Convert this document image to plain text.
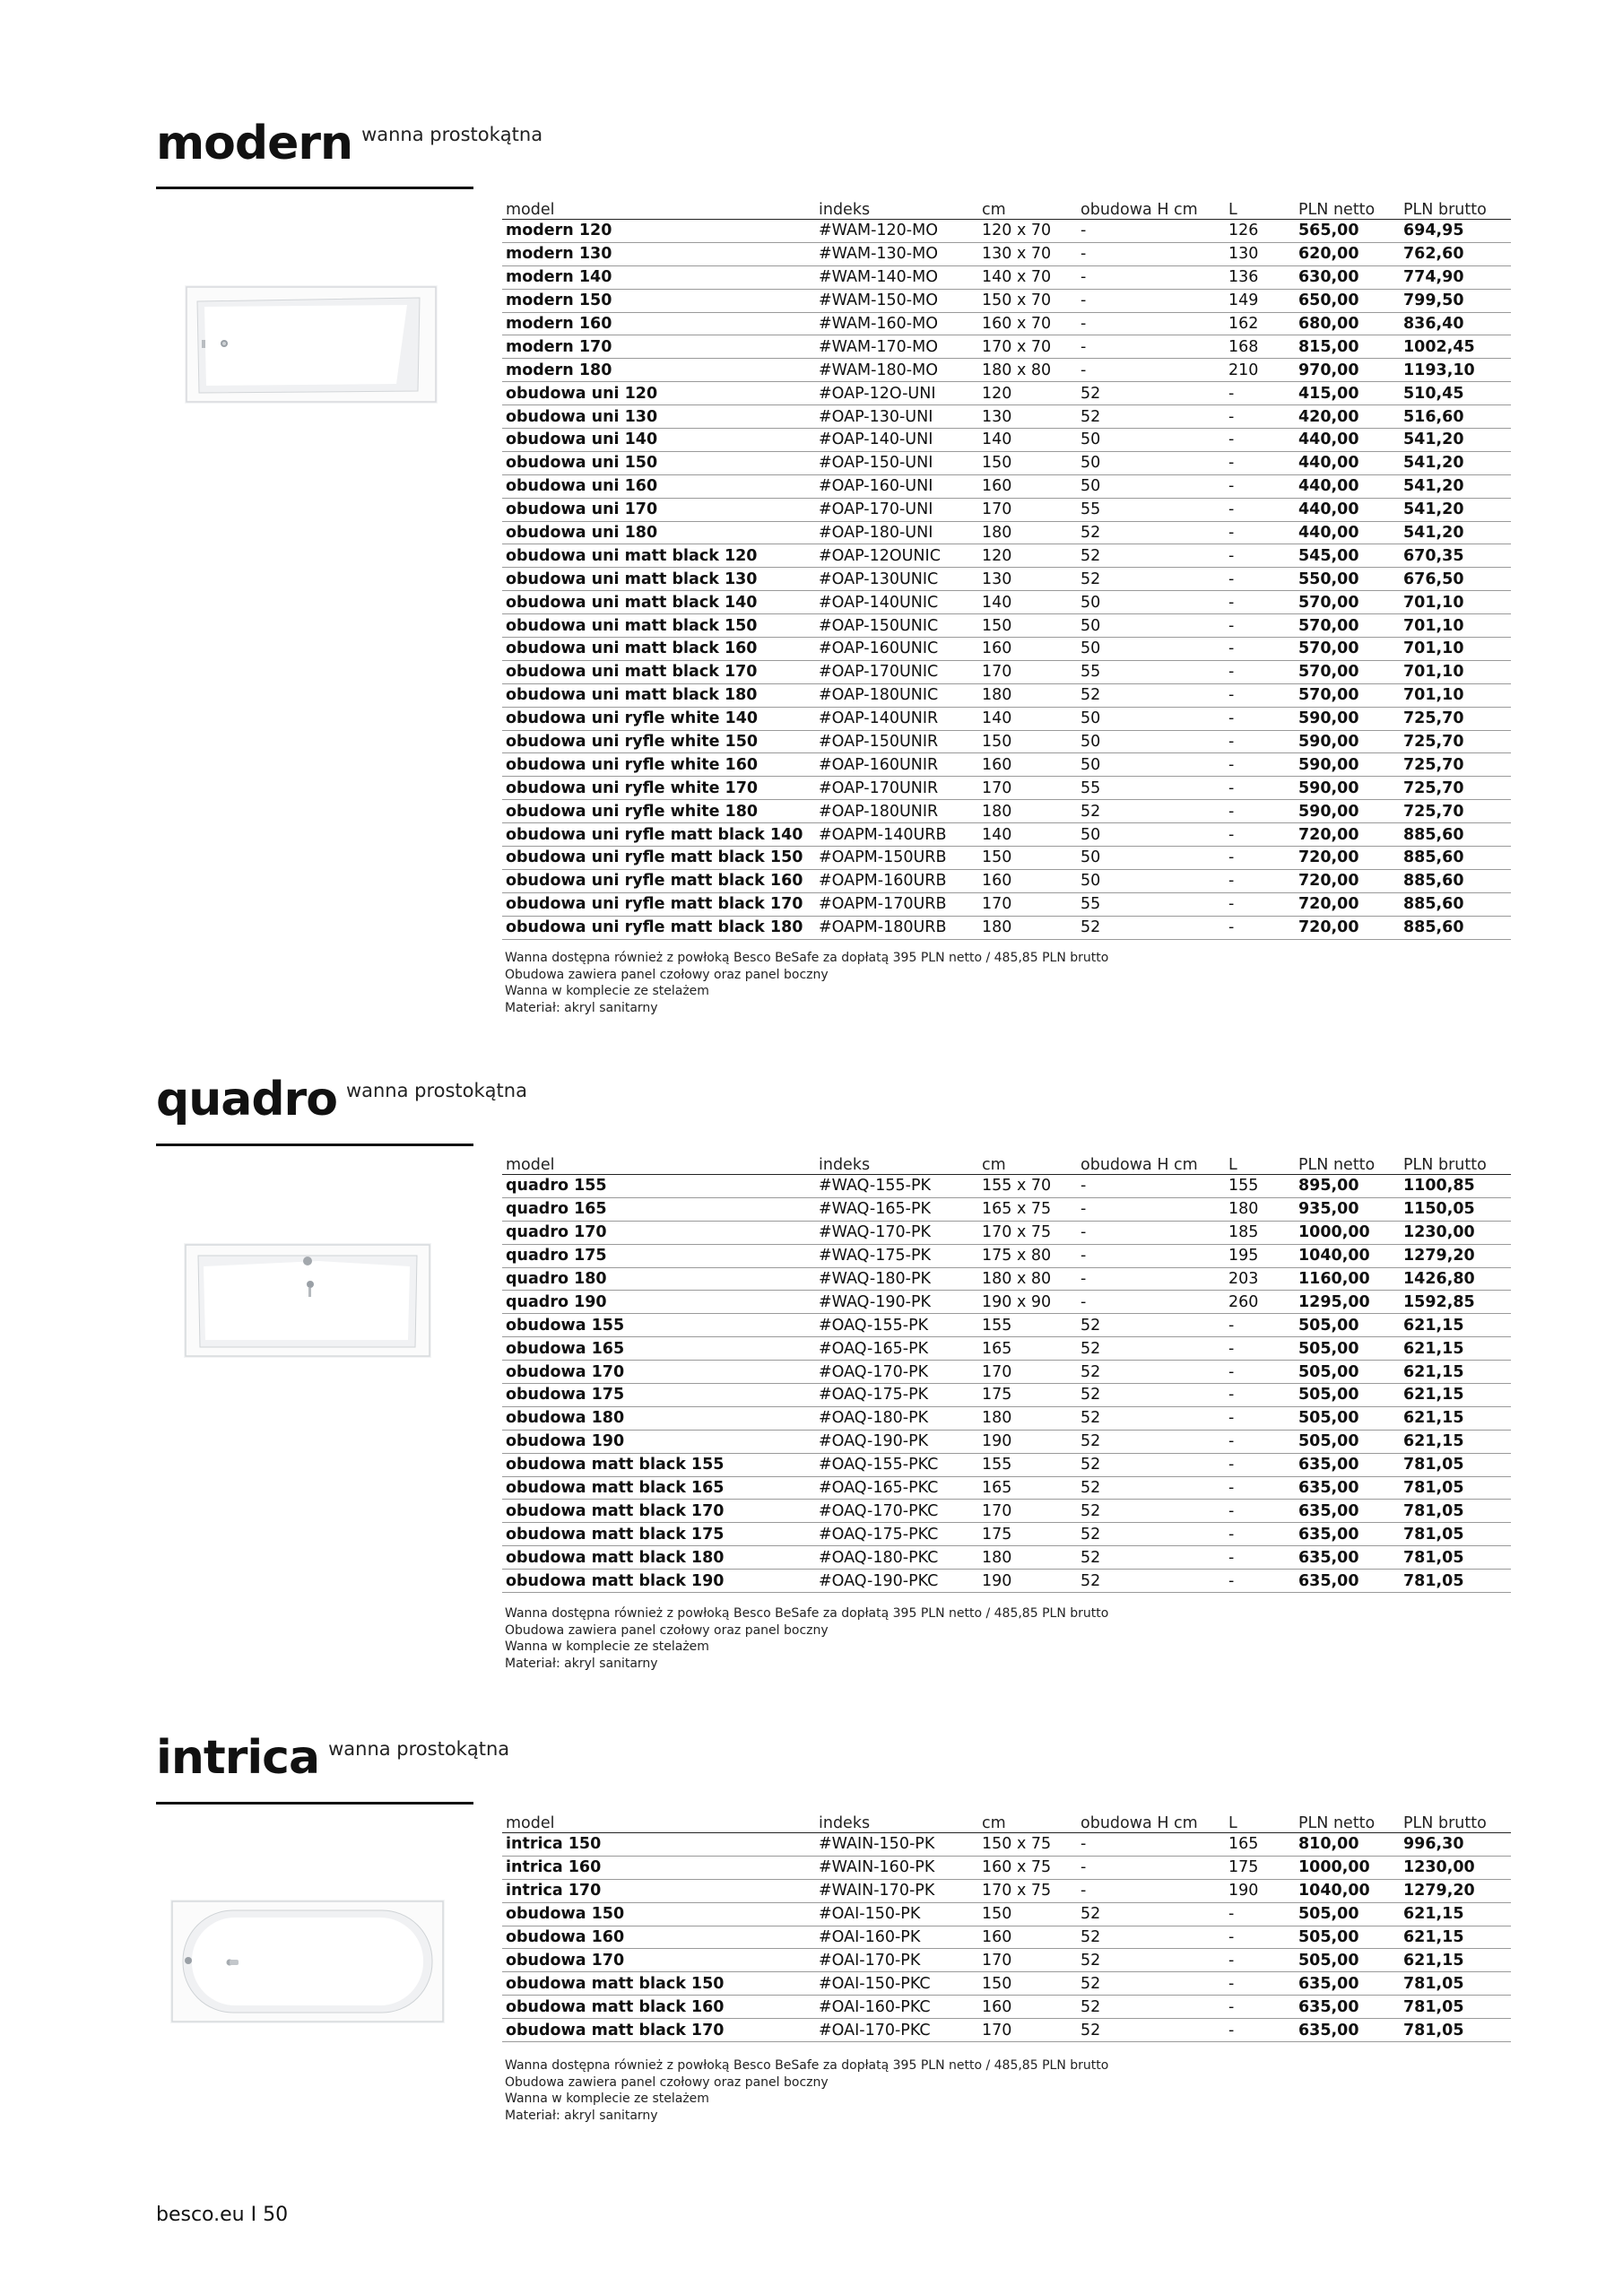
modern wanna prostokątna
model	indeks	cm	obudowa H cm	L	PLN netto	PLN brutto
modern 120	#WAM-120-MO	120 x 70	-	126	565,00	694,95
modern 130	#WAM-130-MO	130 x 70	-	130	620,00	762,60
modern 140	#WAM-140-MO	140 x 70	-	136	630,00	774,90
modern 150	#WAM-150-MO	150 x 70	-	149	650,00	799,50
modern 160	#WAM-160-MO	160 x 70	-	162	680,00	836,40
modern 170	#WAM-170-MO	170 x 70	-	168	815,00	1002,45
modern 180	#WAM-180-MO	180 x 80	-	210	970,00	1193,10
obudowa uni 120	#OAP-12O-UNI	120	52	-	415,00	510,45
obudowa uni 130	#OAP-130-UNI	130	52	-	420,00	516,60
obudowa uni 140	#OAP-140-UNI	140	50	-	440,00	541,20
obudowa uni 150	#OAP-150-UNI	150	50	-	440,00	541,20
obudowa uni 160	#OAP-160-UNI	160	50	-	440,00	541,20
obudowa uni 170	#OAP-170-UNI	170	55	-	440,00	541,20
obudowa uni 180	#OAP-180-UNI	180	52	-	440,00	541,20
obudowa uni matt black 120	#OAP-12OUNIC	120	52	-	545,00	670,35
obudowa uni matt black 130	#OAP-130UNIC	130	52	-	550,00	676,50
obudowa uni matt black 140	#OAP-140UNIC	140	50	-	570,00	701,10
obudowa uni matt black 150	#OAP-150UNIC	150	50	-	570,00	701,10
obudowa uni matt black 160	#OAP-160UNIC	160	50	-	570,00	701,10
obudowa uni matt black 170	#OAP-170UNIC	170	55	-	570,00	701,10
obudowa uni matt black 180	#OAP-180UNIC	180	52	-	570,00	701,10
obudowa uni ryfle white 140	#OAP-140UNIR	140	50	-	590,00	725,70
obudowa uni ryfle white 150	#OAP-150UNIR	150	50	-	590,00	725,70
obudowa uni ryfle white 160	#OAP-160UNIR	160	50	-	590,00	725,70
obudowa uni ryfle white 170	#OAP-170UNIR	170	55	-	590,00	725,70
obudowa uni ryfle white 180	#OAP-180UNIR	180	52	-	590,00	725,70
obudowa uni ryfle matt black 140	#OAPM-140URB	140	50	-	720,00	885,60
obudowa uni ryfle matt black 150	#OAPM-150URB	150	50	-	720,00	885,60
obudowa uni ryfle matt black 160	#OAPM-160URB	160	50	-	720,00	885,60
obudowa uni ryfle matt black 170	#OAPM-170URB	170	55	-	720,00	885,60
obudowa uni ryfle matt black 180	#OAPM-180URB	180	52	-	720,00	885,60
Wanna dostępna również z powłoką Besco BeSafe za dopłatą 395 PLN netto / 485,85 PLN brutto
Obudowa zawiera panel czołowy oraz panel boczny
Wanna w komplecie ze stelażem
Materiał: akryl sanitarny
quadro wanna prostokątna
model	indeks	cm	obudowa H cm	L	PLN netto	PLN brutto
quadro 155	#WAQ-155-PK	155 x 70	-	155	895,00	1100,85
quadro 165	#WAQ-165-PK	165 x 75	-	180	935,00	1150,05
quadro 170	#WAQ-170-PK	170 x 75	-	185	1000,00	1230,00
quadro 175	#WAQ-175-PK	175 x 80	-	195	1040,00	1279,20
quadro 180	#WAQ-180-PK	180 x 80	-	203	1160,00	1426,80
quadro 190	#WAQ-190-PK	190 x 90	-	260	1295,00	1592,85
obudowa 155	#OAQ-155-PK	155	52	-	505,00	621,15
obudowa 165	#OAQ-165-PK	165	52	-	505,00	621,15
obudowa 170	#OAQ-170-PK	170	52	-	505,00	621,15
obudowa 175	#OAQ-175-PK	175	52	-	505,00	621,15
obudowa 180	#OAQ-180-PK	180	52	-	505,00	621,15
obudowa 190	#OAQ-190-PK	190	52	-	505,00	621,15
obudowa matt black 155	#OAQ-155-PKC	155	52	-	635,00	781,05
obudowa matt black 165	#OAQ-165-PKC	165	52	-	635,00	781,05
obudowa matt black 170	#OAQ-170-PKC	170	52	-	635,00	781,05
obudowa matt black 175	#OAQ-175-PKC	175	52	-	635,00	781,05
obudowa matt black 180	#OAQ-180-PKC	180	52	-	635,00	781,05
obudowa matt black 190	#OAQ-190-PKC	190	52	-	635,00	781,05
Wanna dostępna również z powłoką Besco BeSafe za dopłatą 395 PLN netto / 485,85 PLN brutto
Obudowa zawiera panel czołowy oraz panel boczny
Wanna w komplecie ze stelażem
Materiał: akryl sanitarny
intrica wanna prostokątna
model	indeks	cm	obudowa H cm	L	PLN netto	PLN brutto
intrica 150	#WAIN-150-PK	150 x 75	-	165	810,00	996,30
intrica 160	#WAIN-160-PK	160 x 75	-	175	1000,00	1230,00
intrica 170	#WAIN-170-PK	170 x 75	-	190	1040,00	1279,20
obudowa 150	#OAI-150-PK	150	52	-	505,00	621,15
obudowa 160	#OAI-160-PK	160	52	-	505,00	621,15
obudowa 170	#OAI-170-PK	170	52	-	505,00	621,15
obudowa matt black 150	#OAI-150-PKC	150	52	-	635,00	781,05
obudowa matt black 160	#OAI-160-PKC	160	52	-	635,00	781,05
obudowa matt black 170	#OAI-170-PKC	170	52	-	635,00	781,05
Wanna dostępna również z powłoką Besco BeSafe za dopłatą 395 PLN netto / 485,85 PLN brutto
Obudowa zawiera panel czołowy oraz panel boczny
Wanna w komplecie ze stelażem
Materiał: akryl sanitarny
besco.eu I 50
